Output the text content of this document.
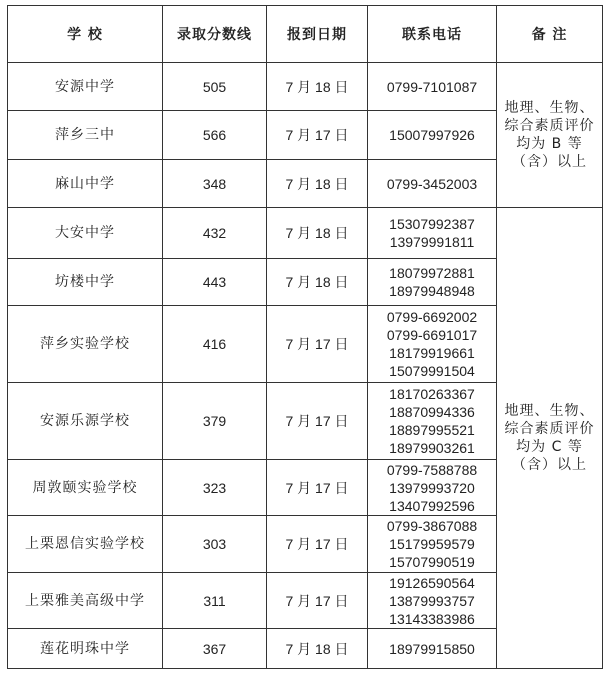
学 校	录取分数线	报到日期	联系电话	备 注
安源中学	505	7 月 18 日	0799-7101087	地理、生物、综合素质评价均为 B 等（含）以上
萍乡三中	566	7 月 17 日	15007997926	

麻山中学	348	7 月 18 日	0799-3452003	

大安中学	432	7 月 18 日	15307992387
13979991811	地理、生物、综合素质评价均为 C 等（含）以上
坊楼中学	443	7 月 18 日	18079972881
18979948948	

萍乡实验学校	416	7 月 17 日	0799-6692002
0799-6691017
18179919661
15079991504	

安源乐源学校	379	7 月 17 日	18170263367
18870994336
18897995521
18979903261	

周敦颐实验学校	323	7 月 17 日	0799-7588788
13979993720
13407992596	

上栗恩信实验学校	303	7 月 17 日	0799-3867088
15179959579
15707990519	

上栗雅美高级中学	311	7 月 17 日	19126590564
13879993757
13143383986	

莲花明珠中学	367	7 月 18 日	18979915850	
